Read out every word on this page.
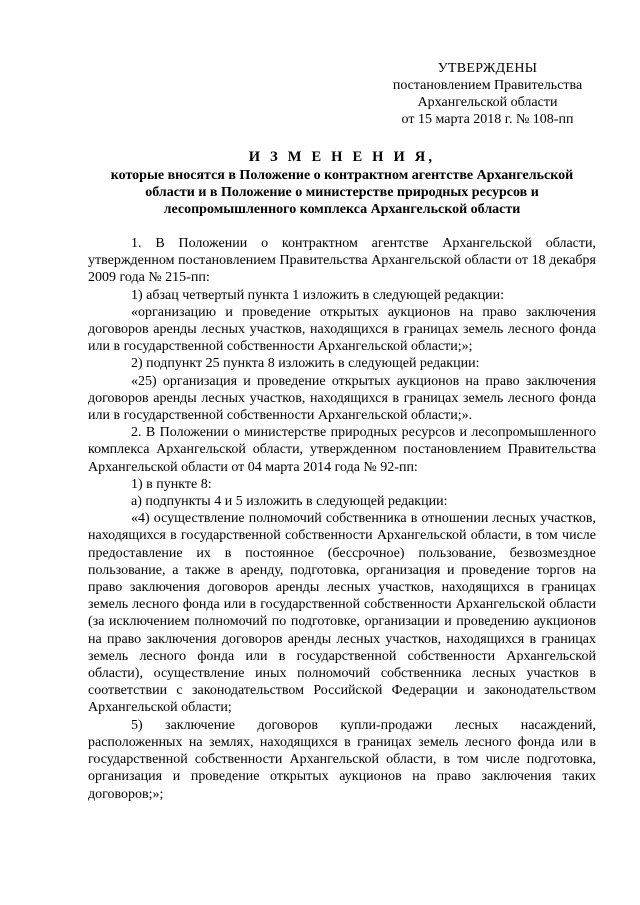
УТВЕРЖДЕНЫ
постановлением Правительства
Архангельской области
от 15 марта 2018 г. № 108-пп
И З М Е Н Е Н И Я,
которые вносятся в Положение о контрактном агентстве Архангельской области и в Положение о министерстве природных ресурсов и лесопромышленного комплекса Архангельской области

1. В Положении о контрактном агентстве Архангельской области, утвержденном постановлением Правительства Архангельской области от 18 декабря 2009 года № 215-пп:

1) абзац четвертый пункта 1 изложить в следующей редакции:

«организацию и проведение открытых аукционов на право заключения договоров аренды лесных участков, находящихся в границах земель лесного фонда или в государственной собственности Архангельской области;»;

2) подпункт 25 пункта 8 изложить в следующей редакции:

«25) организация и проведение открытых аукционов на право заключения договоров аренды лесных участков, находящихся в границах земель лесного фонда или в государственной собственности Архангельской области;».

2. В Положении о министерстве природных ресурсов и лесопромышленного комплекса Архангельской области, утвержденном постановлением Правительства Архангельской области от 04 марта 2014 года № 92-пп:

1) в пункте 8:

а) подпункты 4 и 5 изложить в следующей редакции:

«4) осуществление полномочий собственника в отношении лесных участков, находящихся в государственной собственности Архангельской области, в том числе предоставление их в постоянное (бессрочное) пользование, безвозмездное пользование, а также в аренду, подготовка, организация и проведение торгов на право заключения договоров аренды лесных участков, находящихся в границах земель лесного фонда или в государственной собственности Архангельской области (за исключением полномочий по подготовке, организации и проведению аукционов на право заключения договоров аренды лесных участков, находящихся в границах земель лесного фонда или в государственной собственности Архангельской области), осуществление иных полномочий собственника лесных участков в соответствии с законодательством Российской Федерации и законодательством Архангельской области;

5) заключение договоров купли-продажи лесных насаждений, расположенных на землях, находящихся в границах земель лесного фонда или в государственной собственности Архангельской области, в том числе подготовка, организация и проведение открытых аукционов на право заключения таких договоров;»;
